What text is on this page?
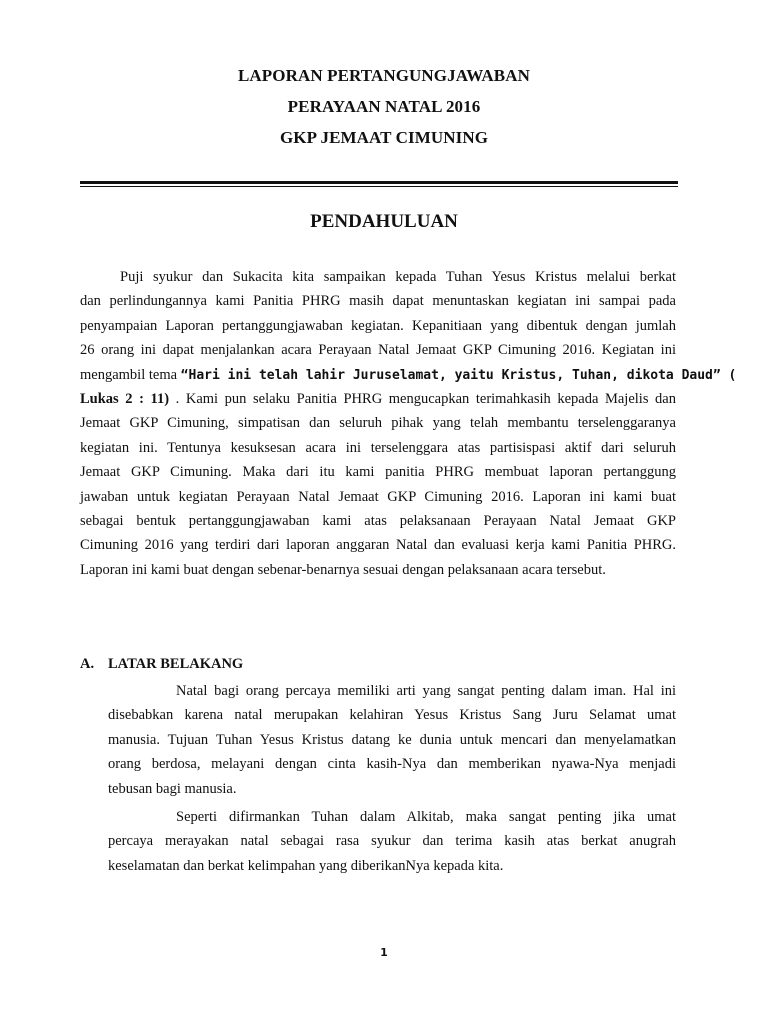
LAPORAN PERTANGUNGJAWABAN
PERAYAAN NATAL 2016
GKP JEMAAT CIMUNING
PENDAHULUAN
Puji syukur dan Sukacita kita sampaikan kepada Tuhan Yesus Kristus melalui berkat
dan perlindungannya kami Panitia PHRG masih dapat menuntaskan kegiatan ini sampai pada
penyampaian Laporan pertanggungjawaban kegiatan. Kepanitiaan yang dibentuk dengan jumlah
26 orang ini dapat menjalankan acara Perayaan Natal Jemaat GKP Cimuning 2016. Kegiatan ini
mengambil tema “Hari ini telah lahir Juruselamat, yaitu Kristus, Tuhan, dikota Daud” (
Lukas 2 : 11) . Kami pun selaku Panitia PHRG mengucapkan terimahkasih kepada Majelis dan
Jemaat GKP Cimuning, simpatisan dan seluruh pihak yang telah membantu terselenggaranya
kegiatan ini. Tentunya kesuksesan acara ini terselenggara atas partisispasi aktif dari seluruh
Jemaat GKP Cimuning. Maka dari itu kami panitia PHRG membuat laporan pertanggung
jawaban untuk kegiatan Perayaan Natal Jemaat GKP Cimuning 2016. Laporan ini kami buat
sebagai bentuk pertanggungjawaban kami atas pelaksanaan Perayaan Natal Jemaat GKP
Cimuning 2016 yang terdiri dari laporan anggaran Natal dan evaluasi kerja kami Panitia PHRG.
Laporan ini kami buat dengan sebenar-benarnya sesuai dengan pelaksanaan acara tersebut.
A. LATAR BELAKANG
Natal bagi orang percaya memiliki arti yang sangat penting dalam iman. Hal ini
disebabkan karena natal merupakan kelahiran Yesus Kristus Sang Juru Selamat umat
manusia. Tujuan Tuhan Yesus Kristus datang ke dunia untuk mencari dan menyelamatkan
orang berdosa, melayani dengan cinta kasih-Nya dan memberikan nyawa-Nya menjadi
tebusan bagi manusia.
Seperti difirmankan Tuhan dalam Alkitab, maka sangat penting jika umat
percaya merayakan natal sebagai rasa syukur dan terima kasih atas berkat anugrah
keselamatan dan berkat kelimpahan yang diberikanNya kepada kita.
1
